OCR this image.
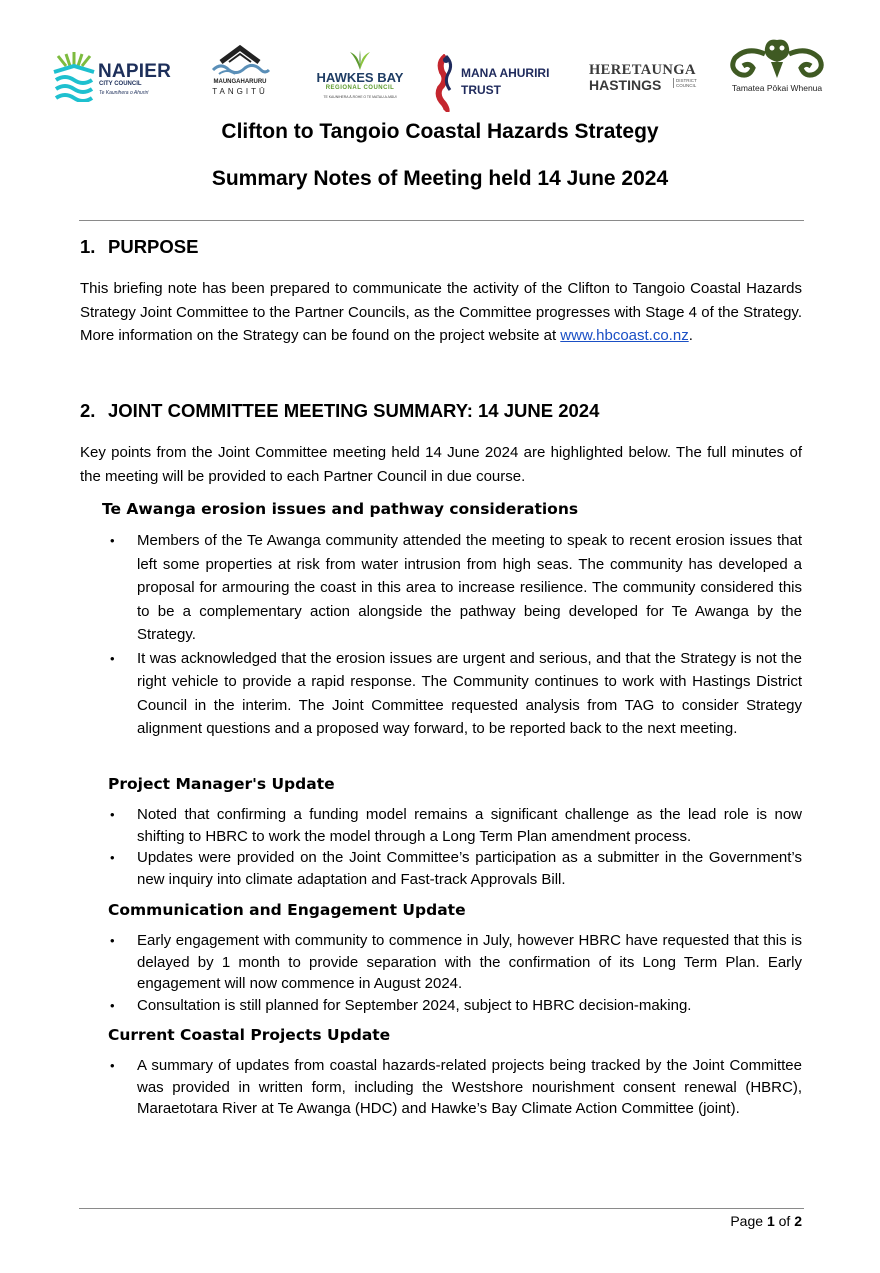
NAPIER
CITY COUNCIL
Te Kaunihera o Ahuriri
MAUNGAHARURU
TANGITŪ
HAWKES BAY
REGIONAL COUNCIL
TE KAUNIHERA Ā-ROHE O TE MATAU-A-MĀUI
MANA AHURIRI
TRUST
HERETAUNGA
HASTINGS	DISTRICT COUNCIL	Tamatea Pōkai Whenua
Clifton to Tangoio Coastal Hazards Strategy
Summary Notes of Meeting held 14 June 2024
1. PURPOSE
This briefing note has been prepared to communicate the activity of the Clifton to Tangoio Coastal Hazards Strategy Joint Committee to the Partner Councils, as the Committee progresses with Stage 4 of the Strategy. More information on the Strategy can be found on the project website at www.hbcoast.co.nz.
2. JOINT COMMITTEE MEETING SUMMARY: 14 JUNE 2024
Key points from the Joint Committee meeting held 14 June 2024 are highlighted below. The full minutes of the meeting will be provided to each Partner Council in due course.
Te Awanga erosion issues and pathway considerations
• Members of the Te Awanga community attended the meeting to speak to recent erosion issues that left some properties at risk from water intrusion from high seas. The community has developed a proposal for armouring the coast in this area to increase resilience. The community considered this to be a complementary action alongside the pathway being developed for Te Awanga by the Strategy.
• It was acknowledged that the erosion issues are urgent and serious, and that the Strategy is not the right vehicle to provide a rapid response. The Community continues to work with Hastings District Council in the interim. The Joint Committee requested analysis from TAG to consider Strategy alignment questions and a proposed way forward, to be reported back to the next meeting.
Project Manager's Update
• Noted that confirming a funding model remains a significant challenge as the lead role is now shifting to HBRC to work the model through a Long Term Plan amendment process.
• Updates were provided on the Joint Committee’s participation as a submitter in the Government’s new inquiry into climate adaptation and Fast-track Approvals Bill.
Communication and Engagement Update
• Early engagement with community to commence in July, however HBRC have requested that this is delayed by 1 month to provide separation with the confirmation of its Long Term Plan. Early engagement will now commence in August 2024.
• Consultation is still planned for September 2024, subject to HBRC decision-making.
Current Coastal Projects Update
• A summary of updates from coastal hazards-related projects being tracked by the Joint Committee was provided in written form, including the Westshore nourishment consent renewal (HBRC), Maraetotara River at Te Awanga (HDC) and Hawke’s Bay Climate Action Committee (joint).
Page 1 of 2
